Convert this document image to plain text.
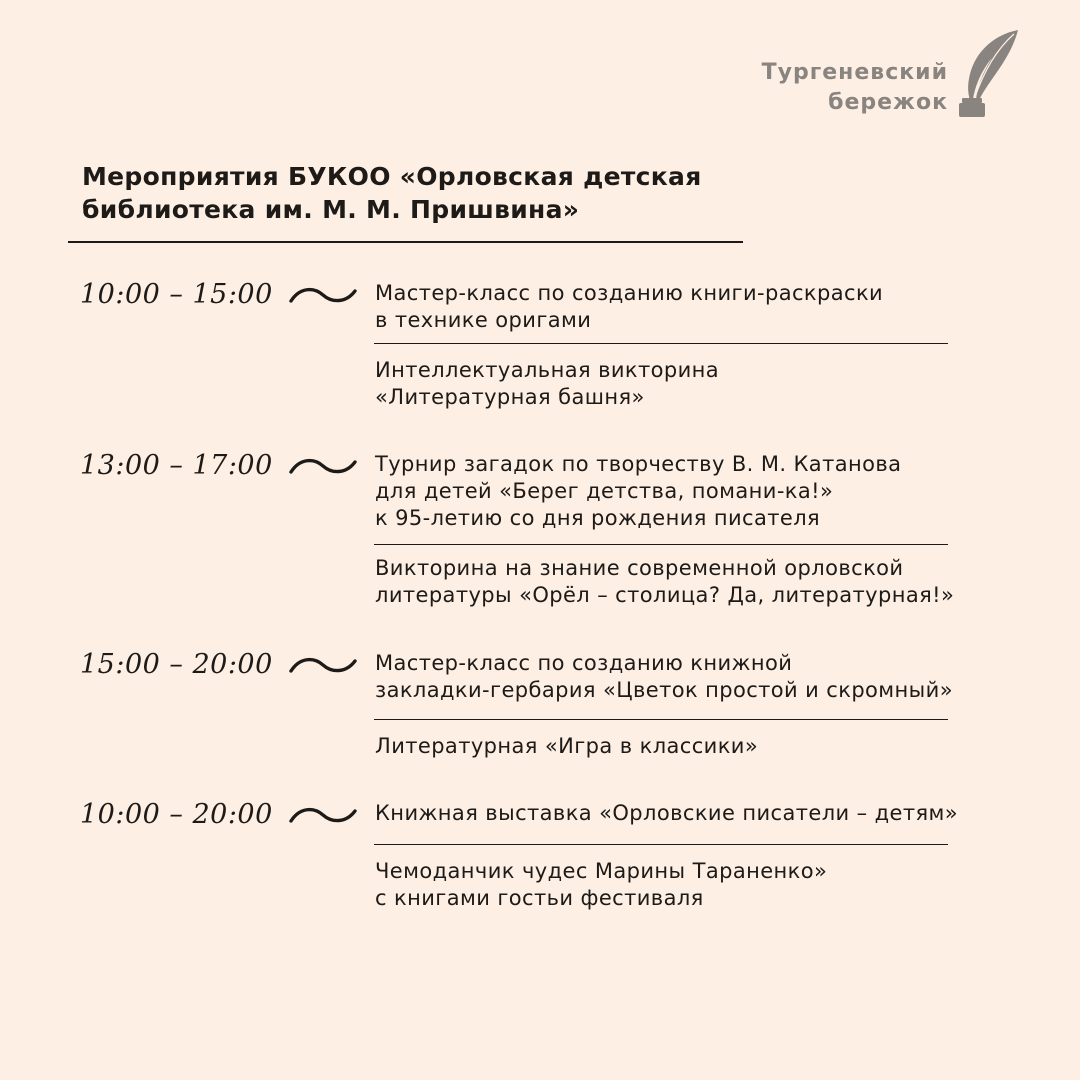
Тургеневский
бережок
Мероприятия БУКОО «Орловская детская
библиотека им. М. М. Пришвина»
10:00 – 15:00	Мастер-класс по созданию книги-раскраски
в технике оригами
Интеллектуальная викторина
«Литературная башня»
13:00 – 17:00	Турнир загадок по творчеству В. М. Катанова
для детей «Берег детства, помани-ка!»
к 95-летию со дня рождения писателя
Викторина на знание современной орловской
литературы «Орёл – столица? Да, литературная!»
15:00 – 20:00	Мастер-класс по созданию книжной
закладки-гербария «Цветок простой и скромный»
Литературная «Игра в классики»
10:00 – 20:00	Книжная выставка «Орловские писатели – детям»
Чемоданчик чудес Марины Тараненко»
с книгами гостьи фестиваля
